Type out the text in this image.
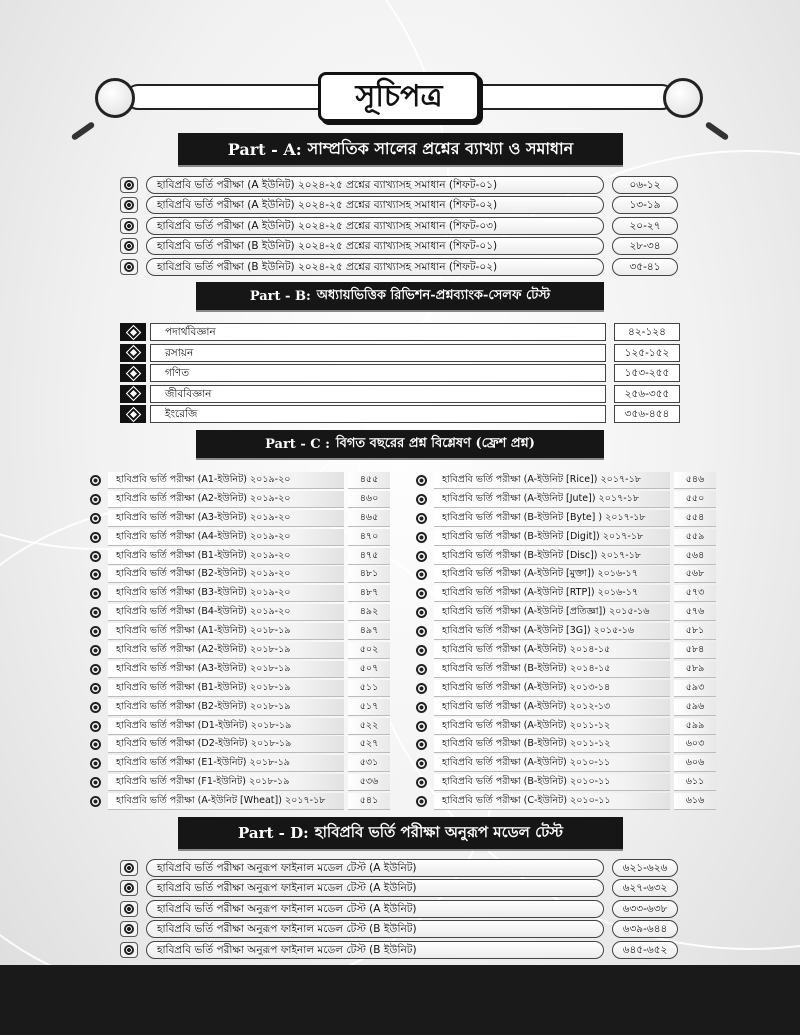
সূচিপত্র
Part - A: সাম্প্রতিক সালের প্রশ্নের ব্যাখ্যা ও সমাধান
হাবিপ্রবি ভর্তি পরীক্ষা (A ইউনিট) ২০২৪-২৫ প্রশ্নের ব্যাখ্যাসহ সমাধান (শিফট-০১)	০৬-১২
হাবিপ্রবি ভর্তি পরীক্ষা (A ইউনিট) ২০২৪-২৫ প্রশ্নের ব্যাখ্যাসহ সমাধান (শিফট-০২)	১৩-১৯
হাবিপ্রবি ভর্তি পরীক্ষা (A ইউনিট) ২০২৪-২৫ প্রশ্নের ব্যাখ্যাসহ সমাধান (শিফট-০৩)	২০-২৭
হাবিপ্রবি ভর্তি পরীক্ষা (B ইউনিট) ২০২৪-২৫ প্রশ্নের ব্যাখ্যাসহ সমাধান (শিফট-০১)	২৮-৩৪
হাবিপ্রবি ভর্তি পরীক্ষা (B ইউনিট) ২০২৪-২৫ প্রশ্নের ব্যাখ্যাসহ সমাধান (শিফট-০২)	৩৫-৪১
Part - B: অধ্যায়ভিত্তিক রিভিশন-প্রশ্নব্যাংক-সেলফ টেস্ট
পদার্থবিজ্ঞান	৪২-১২৪
রসায়ন	১২৫-১৫২
গণিত	১৫৩-২৫৫
জীববিজ্ঞান	২৫৬-৩৫৫
ইংরেজি	৩৫৬-৪৫৪
Part - C : বিগত বছরের প্রশ্ন বিশ্লেষণ (ফ্রেশ প্রশ্ন)
হাবিপ্রবি ভর্তি পরীক্ষা (A1-ইউনিট) ২০১৯-২০	৪৫৫
হাবিপ্রবি ভর্তি পরীক্ষা (A2-ইউনিট) ২০১৯-২০	৪৬০
হাবিপ্রবি ভর্তি পরীক্ষা (A3-ইউনিট) ২০১৯-২০	৪৬৫
হাবিপ্রবি ভর্তি পরীক্ষা (A4-ইউনিট) ২০১৯-২০	৪৭০
হাবিপ্রবি ভর্তি পরীক্ষা (B1-ইউনিট) ২০১৯-২০	৪৭৫
হাবিপ্রবি ভর্তি পরীক্ষা (B2-ইউনিট) ২০১৯-২০	৪৮১
হাবিপ্রবি ভর্তি পরীক্ষা (B3-ইউনিট) ২০১৯-২০	৪৮৭
হাবিপ্রবি ভর্তি পরীক্ষা (B4-ইউনিট) ২০১৯-২০	৪৯২
হাবিপ্রবি ভর্তি পরীক্ষা (A1-ইউনিট) ২০১৮-১৯	৪৯৭
হাবিপ্রবি ভর্তি পরীক্ষা (A2-ইউনিট) ২০১৮-১৯	৫০২
হাবিপ্রবি ভর্তি পরীক্ষা (A3-ইউনিট) ২০১৮-১৯	৫০৭
হাবিপ্রবি ভর্তি পরীক্ষা (B1-ইউনিট) ২০১৮-১৯	৫১১
হাবিপ্রবি ভর্তি পরীক্ষা (B2-ইউনিট) ২০১৮-১৯	৫১৭
হাবিপ্রবি ভর্তি পরীক্ষা (D1-ইউনিট) ২০১৮-১৯	৫২২
হাবিপ্রবি ভর্তি পরীক্ষা (D2-ইউনিট) ২০১৮-১৯	৫২৭
হাবিপ্রবি ভর্তি পরীক্ষা (E1-ইউনিট) ২০১৮-১৯	৫৩১
হাবিপ্রবি ভর্তি পরীক্ষা (F1-ইউনিট) ২০১৮-১৯	৫৩৬
হাবিপ্রবি ভর্তি পরীক্ষা (A-ইউনিট [Wheat]) ২০১৭-১৮	৫৪১
হাবিপ্রবি ভর্তি পরীক্ষা (A-ইউনিট [Rice]) ২০১৭-১৮	৫৪৬
হাবিপ্রবি ভর্তি পরীক্ষা (A-ইউনিট [Jute]) ২০১৭-১৮	৫৫০
হাবিপ্রবি ভর্তি পরীক্ষা (B-ইউনিট [Byte] ) ২০১৭-১৮	৫৫৪
হাবিপ্রবি ভর্তি পরীক্ষা (B-ইউনিট [Digit]) ২০১৭-১৮	৫৫৯
হাবিপ্রবি ভর্তি পরীক্ষা (B-ইউনিট [Disc]) ২০১৭-১৮	৫৬৪
হাবিপ্রবি ভর্তি পরীক্ষা (A-ইউনিট [মুক্তা]) ২০১৬-১৭	৫৬৮
হাবিপ্রবি ভর্তি পরীক্ষা (A-ইউনিট [RTP]) ২০১৬-১৭	৫৭৩
হাবিপ্রবি ভর্তি পরীক্ষা (A-ইউনিট [প্রতিজ্ঞা]) ২০১৫-১৬	৫৭৬
হাবিপ্রবি ভর্তি পরীক্ষা (A-ইউনিট [3G]) ২০১৫-১৬	৫৮১
হাবিপ্রবি ভর্তি পরীক্ষা (A-ইউনিট) ২০১৪-১৫	৫৮৪
হাবিপ্রবি ভর্তি পরীক্ষা (B-ইউনিট) ২০১৪-১৫	৫৮৯
হাবিপ্রবি ভর্তি পরীক্ষা (A-ইউনিট) ২০১৩-১৪	৫৯৩
হাবিপ্রবি ভর্তি পরীক্ষা (A-ইউনিট) ২০১২-১৩	৫৯৬
হাবিপ্রবি ভর্তি পরীক্ষা (A-ইউনিট) ২০১১-১২	৫৯৯
হাবিপ্রবি ভর্তি পরীক্ষা (B-ইউনিট) ২০১১-১২	৬০৩
হাবিপ্রবি ভর্তি পরীক্ষা (A-ইউনিট) ২০১০-১১	৬০৬
হাবিপ্রবি ভর্তি পরীক্ষা (B-ইউনিট) ২০১০-১১	৬১১
হাবিপ্রবি ভর্তি পরীক্ষা (C-ইউনিট) ২০১০-১১	৬১৬
Part - D: হাবিপ্রবি ভর্তি পরীক্ষা অনুরূপ মডেল টেস্ট
হাবিপ্রবি ভর্তি পরীক্ষা অনুরূপ ফাইনাল মডেল টেস্ট (A ইউনিট)	৬২১-৬২৬
হাবিপ্রবি ভর্তি পরীক্ষা অনুরূপ ফাইনাল মডেল টেস্ট (A ইউনিট)	৬২৭-৬৩২
হাবিপ্রবি ভর্তি পরীক্ষা অনুরূপ ফাইনাল মডেল টেস্ট (A ইউনিট)	৬৩৩-৬৩৮
হাবিপ্রবি ভর্তি পরীক্ষা অনুরূপ ফাইনাল মডেল টেস্ট (B ইউনিট)	৬৩৯-৬৪৪
হাবিপ্রবি ভর্তি পরীক্ষা অনুরূপ ফাইনাল মডেল টেস্ট (B ইউনিট)	৬৪৫-৬৫২
